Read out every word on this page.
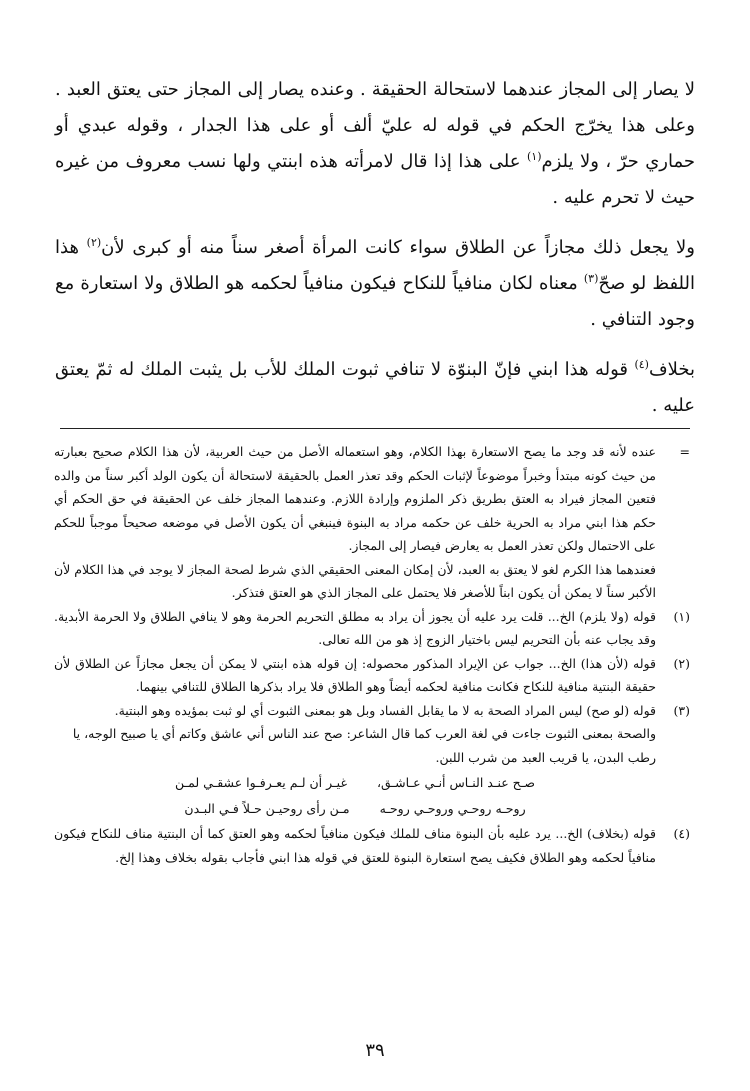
لا يصار إلى المجاز عندهما لاستحالة الحقيقة . وعنده يصار إلى المجاز حتى يعتق العبد . وعلى هذا يخرّج الحكم في قوله له عليّ ألف أو على هذا الجدار ، وقوله عبدي أو حماري حرّ ، ولا يلزم$^{(١)}$ على هذا إذا قال لامرأته هذه ابنتي ولها نسب معروف من غيره حيث لا تحرم عليه .

ولا يجعل ذلك مجازاً عن الطلاق سواء كانت المرأة أصغر سناً منه أو كبرى لأن$^{(٢)}$ هذا اللفظ لو صحّ$^{(٣)}$ معناه لكان منافياً للنكاح فيكون منافياً لحكمه هو الطلاق ولا استعارة مع وجود التنافي .

بخلاف$^{(٤)}$ قوله هذا ابني فإنّ البنوّة لا تنافي ثبوت الملك للأب بل يثبت الملك له ثمّ يعتق عليه .

=

عنده لأنه قد وجد ما يصح الاستعارة بهذا الكلام، وهو استعماله الأصل من حيث العربية، لأن هذا الكلام صحيح بعبارته من حيث كونه مبتدأ وخبراً موضوعاً لإثبات الحكم وقد تعذر العمل بالحقيقة لاستحالة أن يكون الولد أكبر سناً من والده فتعين المجاز فيراد به العتق بطريق ذكر الملزوم وإرادة اللازم. وعندهما المجاز خلف عن الحقيقة في حق الحكم أي حكم هذا ابني مراد به الحرية خلف عن حكمه مراد به البنوة فينبغي أن يكون الأصل في موضعه صحيحاً موجباً للحكم على الاحتمال ولكن تعذر العمل به يعارض فيصار إلى المجاز.

فعندهما هذا الكرم لغو لا يعتق به العبد، لأن إمكان المعنى الحقيقي الذي شرط لصحة المجاز لا يوجد في هذا الكلام لأن الأكبر سناً لا يمكن أن يكون ابناً للأصغر فلا يحتمل على المجاز الذي هو العتق فتذكر.

(١)
قوله (ولا يلزم) الخ... قلت يرد عليه أن يجوز أن يراد به مطلق التحريم الحرمة وهو لا ينافي الطلاق ولا الحرمة الأبدية. وقد يجاب عنه بأن التحريم ليس باختيار الزوج إذ هو من الله تعالى.
(٢)
قوله (لأن هذا) الخ... جواب عن الإيراد المذكور محصوله: إن قوله هذه ابنتي لا يمكن أن يجعل مجازاً عن الطلاق لأن حقيقة البنتية منافية للنكاح فكانت منافية لحكمه أيضاً وهو الطلاق فلا يراد بذكرها الطلاق للتنافي بينهما.
(٣)

قوله (لو صح) ليس المراد الصحة به لا ما يقابل الفساد وبل هو بمعنى الثبوت أي لو ثبت بمؤيده وهو البنتية.

والصحة بمعنى الثبوت جاءت في لغة العرب كما قال الشاعر: صح عند الناس أني عاشق وكاتم أي يا صبيح الوجه، يا رطب البدن، يا قريب العبد من شرب اللبن.
صـح عنـد النـاس أنـي عـاشـق،
غيـر أن لـم يعـرفـوا عشقـي لمـن
روحـه روحـي وروحـي روحـه
مـن رأى روحيـن حـلاً فـي البـدن
(٤)
قوله (بخلاف) الخ... يرد عليه بأن البنوة مناف للملك فيكون منافياً لحكمه وهو العتق كما أن البنتية مناف للنكاح فيكون منافياً لحكمه وهو الطلاق فكيف يصح استعارة البنوة للعتق في قوله هذا ابني فأجاب بقوله بخلاف وهذا إلخ.
٣٩
